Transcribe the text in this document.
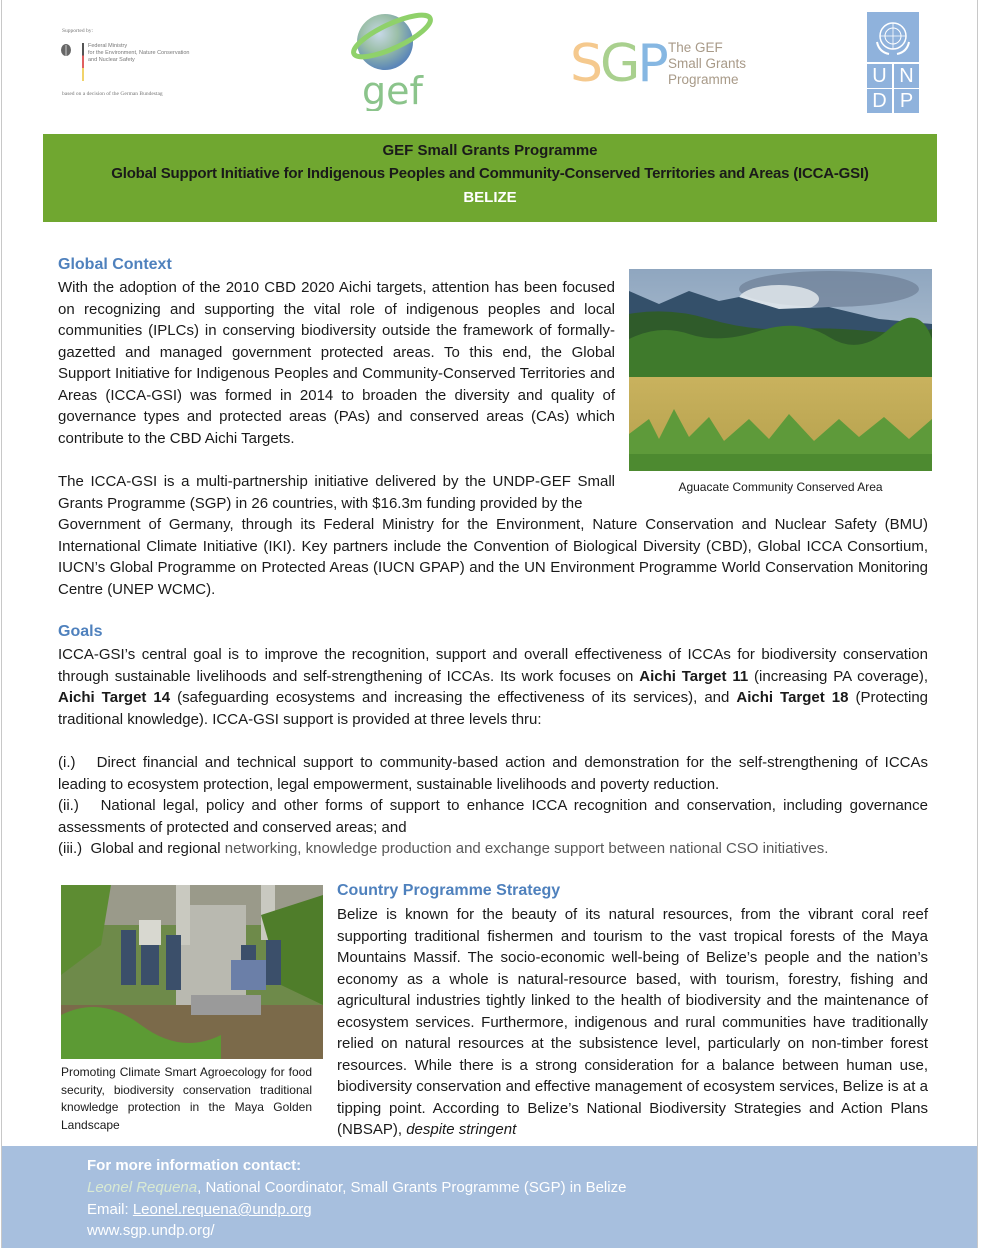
Supported by:
Federal Ministry
for the Environment, Nature Conservation
and Nuclear Safety
based on a decision of the German Bundestag	gef	SGP The GEF
Small Grants
Programme	U N
D P
GEF Small Grants Programme
Global Support Initiative for Indigenous Peoples and Community-Conserved Territories and Areas (ICCA-GSI)
BELIZE
Global Context
With the adoption of the 2010 CBD 2020 Aichi targets, attention has been focused on recognizing and supporting the vital role of indigenous peoples and local communities (IPLCs) in conserving biodiversity outside the framework of formally-gazetted and managed government protected areas. To this end, the Global Support Initiative for Indigenous Peoples and Community-Conserved Territories and Areas (ICCA-GSI) was formed in 2014 to broaden the diversity and quality of governance types and protected areas (PAs) and conserved areas (CAs) which contribute to the CBD Aichi Targets.
Aguacate Community Conserved Area
The ICCA-GSI is a multi-partnership initiative delivered by the UNDP-GEF Small Grants Programme (SGP) in 26 countries, with $16.3m funding provided by the
Government of Germany, through its Federal Ministry for the Environment, Nature Conservation and Nuclear Safety (BMU) International Climate Initiative (IKI). Key partners include the Convention of Biological Diversity (CBD), Global ICCA Consortium, IUCN’s Global Programme on Protected Areas (IUCN GPAP) and the UN Environment Programme World Conservation Monitoring Centre (UNEP WCMC).
Goals
ICCA-GSI’s central goal is to improve the recognition, support and overall effectiveness of ICCAs for biodiversity conservation through sustainable livelihoods and self-strengthening of ICCAs. Its work focuses on Aichi Target 11 (increasing PA coverage), Aichi Target 14 (safeguarding ecosystems and increasing the effectiveness of its services), and Aichi Target 18 (Protecting traditional knowledge). ICCA-GSI support is provided at three levels thru:
(i.) Direct financial and technical support to community-based action and demonstration for the self-strengthening of ICCAs leading to ecosystem protection, legal empowerment, sustainable livelihoods and poverty reduction.
(ii.) National legal, policy and other forms of support to enhance ICCA recognition and conservation, including governance assessments of protected and conserved areas; and
(iii.) Global and regional networking, knowledge production and exchange support between national CSO initiatives.
Promoting Climate Smart Agroecology for food security, biodiversity conservation traditional knowledge protection in the Maya Golden Landscape
Country Programme Strategy
Belize is known for the beauty of its natural resources, from the vibrant coral reef supporting traditional fishermen and tourism to the vast tropical forests of the Maya Mountains Massif. The socio-economic well-being of Belize’s people and the nation’s economy as a whole is natural-resource based, with tourism, forestry, fishing and agricultural industries tightly linked to the health of biodiversity and the maintenance of ecosystem services. Furthermore, indigenous and rural communities have traditionally relied on natural resources at the subsistence level, particularly on non-timber forest resources. While there is a strong consideration for a balance between human use, biodiversity conservation and effective management of ecosystem services, Belize is at a tipping point. According to Belize’s National Biodiversity Strategies and Action Plans (NBSAP), despite stringent
For more information contact:
Leonel Requena, National Coordinator, Small Grants Programme (SGP) in Belize
Email: Leonel.requena@undp.org
www.sgp.undp.org/
